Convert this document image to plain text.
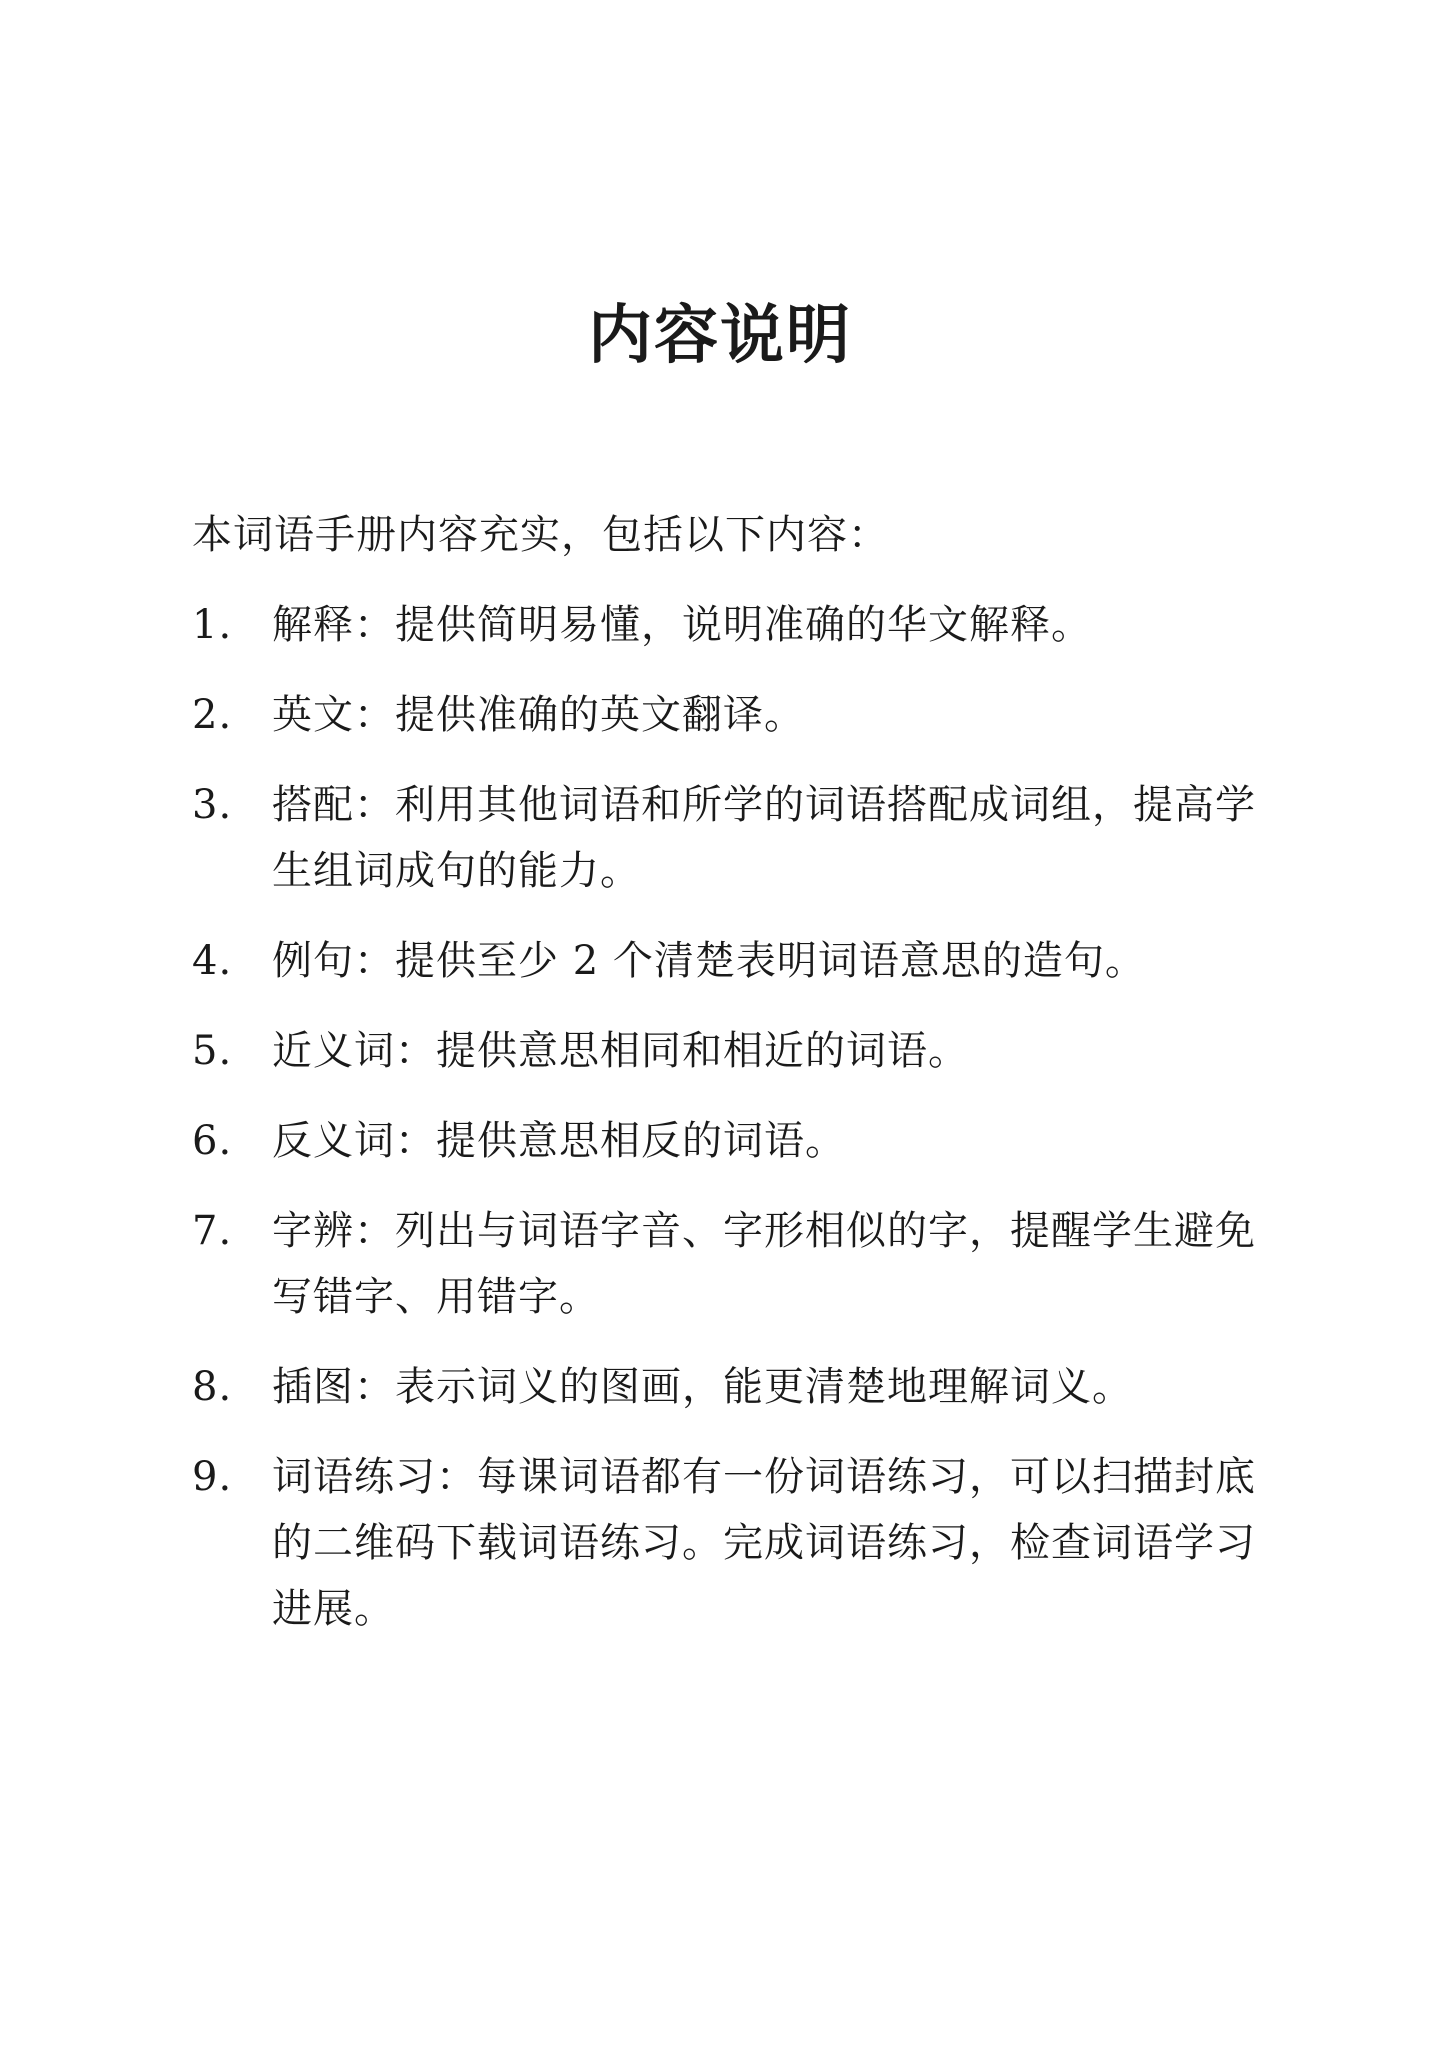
内容说明

本词语手册内容充实，包括以下内容：

1. 解释：提供简明易懂，说明准确的华文解释。
2. 英文：提供准确的英文翻译。
3. 搭配：利用其他词语和所学的词语搭配成词组，提高学生组词成句的能力。
4. 例句：提供至少 2 个清楚表明词语意思的造句。
5. 近义词：提供意思相同和相近的词语。
6. 反义词：提供意思相反的词语。
7. 字辨：列出与词语字音、字形相似的字，提醒学生避免写错字、用错字。
8. 插图：表示词义的图画，能更清楚地理解词义。
9. 词语练习：每课词语都有一份词语练习，可以扫描封底的二维码下载词语练习。完成词语练习，检查词语学习进展。
